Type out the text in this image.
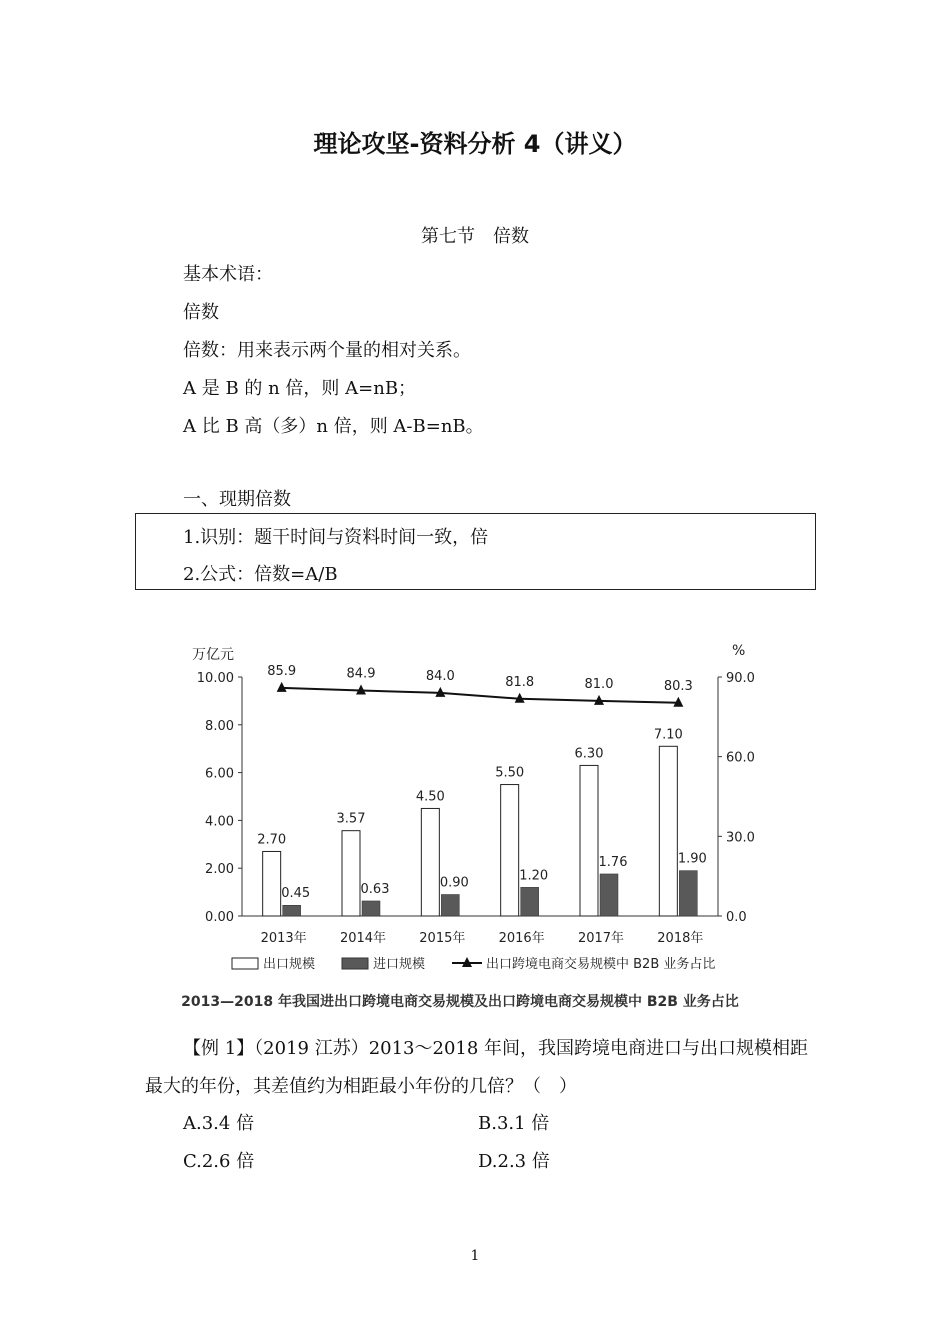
理论攻坚-资料分析 4（讲义）
第七节　倍数
基本术语：
倍数
倍数：用来表示两个量的相对关系。
A 是 B 的 n 倍，则 A=nB；
A 比 B 高（多）n 倍，则 A-B=nB。
一、现期倍数
1.识别：题干时间与资料时间一致，倍
2.公式：倍数=A/B
万亿元	%
0.00
2.00
4.00
6.00
8.00
10.00
0.0
30.0
60.0
90.0
2013年
2.70
0.45
2014年
3.57
0.63
2015年
4.50
0.90
2016年
5.50
1.20
2017年
6.30
1.76
2018年
7.10
1.90
85.9	84.9	84.0	81.8	81.0	80.3
出口规模	进口规模	出口跨境电商交易规模中 B2B 业务占比
2013—2018 年我国进出口跨境电商交易规模及出口跨境电商交易规模中 B2B 业务占比
【例 1】（2019 江苏）2013～2018 年间，我国跨境电商进口与出口规模相距
最大的年份，其差值约为相距最小年份的几倍？（　）
A.3.4 倍	B.3.1 倍
C.2.6 倍	D.2.3 倍
1
